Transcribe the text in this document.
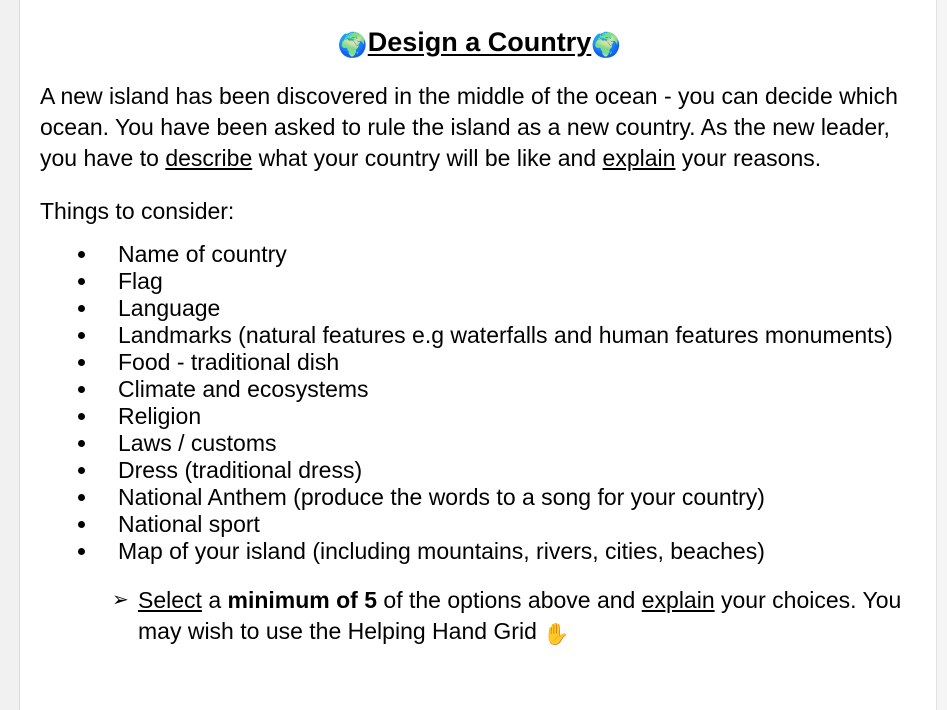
🌍Design a Country🌍

A new island has been discovered in the middle of the ocean - you can decide which ocean. You have been asked to rule the island as a new country. As the new leader, you have to describe what your country will be like and explain your reasons.

Things to consider:

Name of country
Flag
Language
Landmarks (natural features e.g waterfalls and human features monuments)
Food - traditional dish
Climate and ecosystems
Religion
Laws / customs
Dress (traditional dress)
National Anthem (produce the words to a song for your country)
National sport
Map of your island (including mountains, rivers, cities, beaches)
➢ Select a minimum of 5 of the options above and explain your choices. You may wish to use the Helping Hand Grid ✋
